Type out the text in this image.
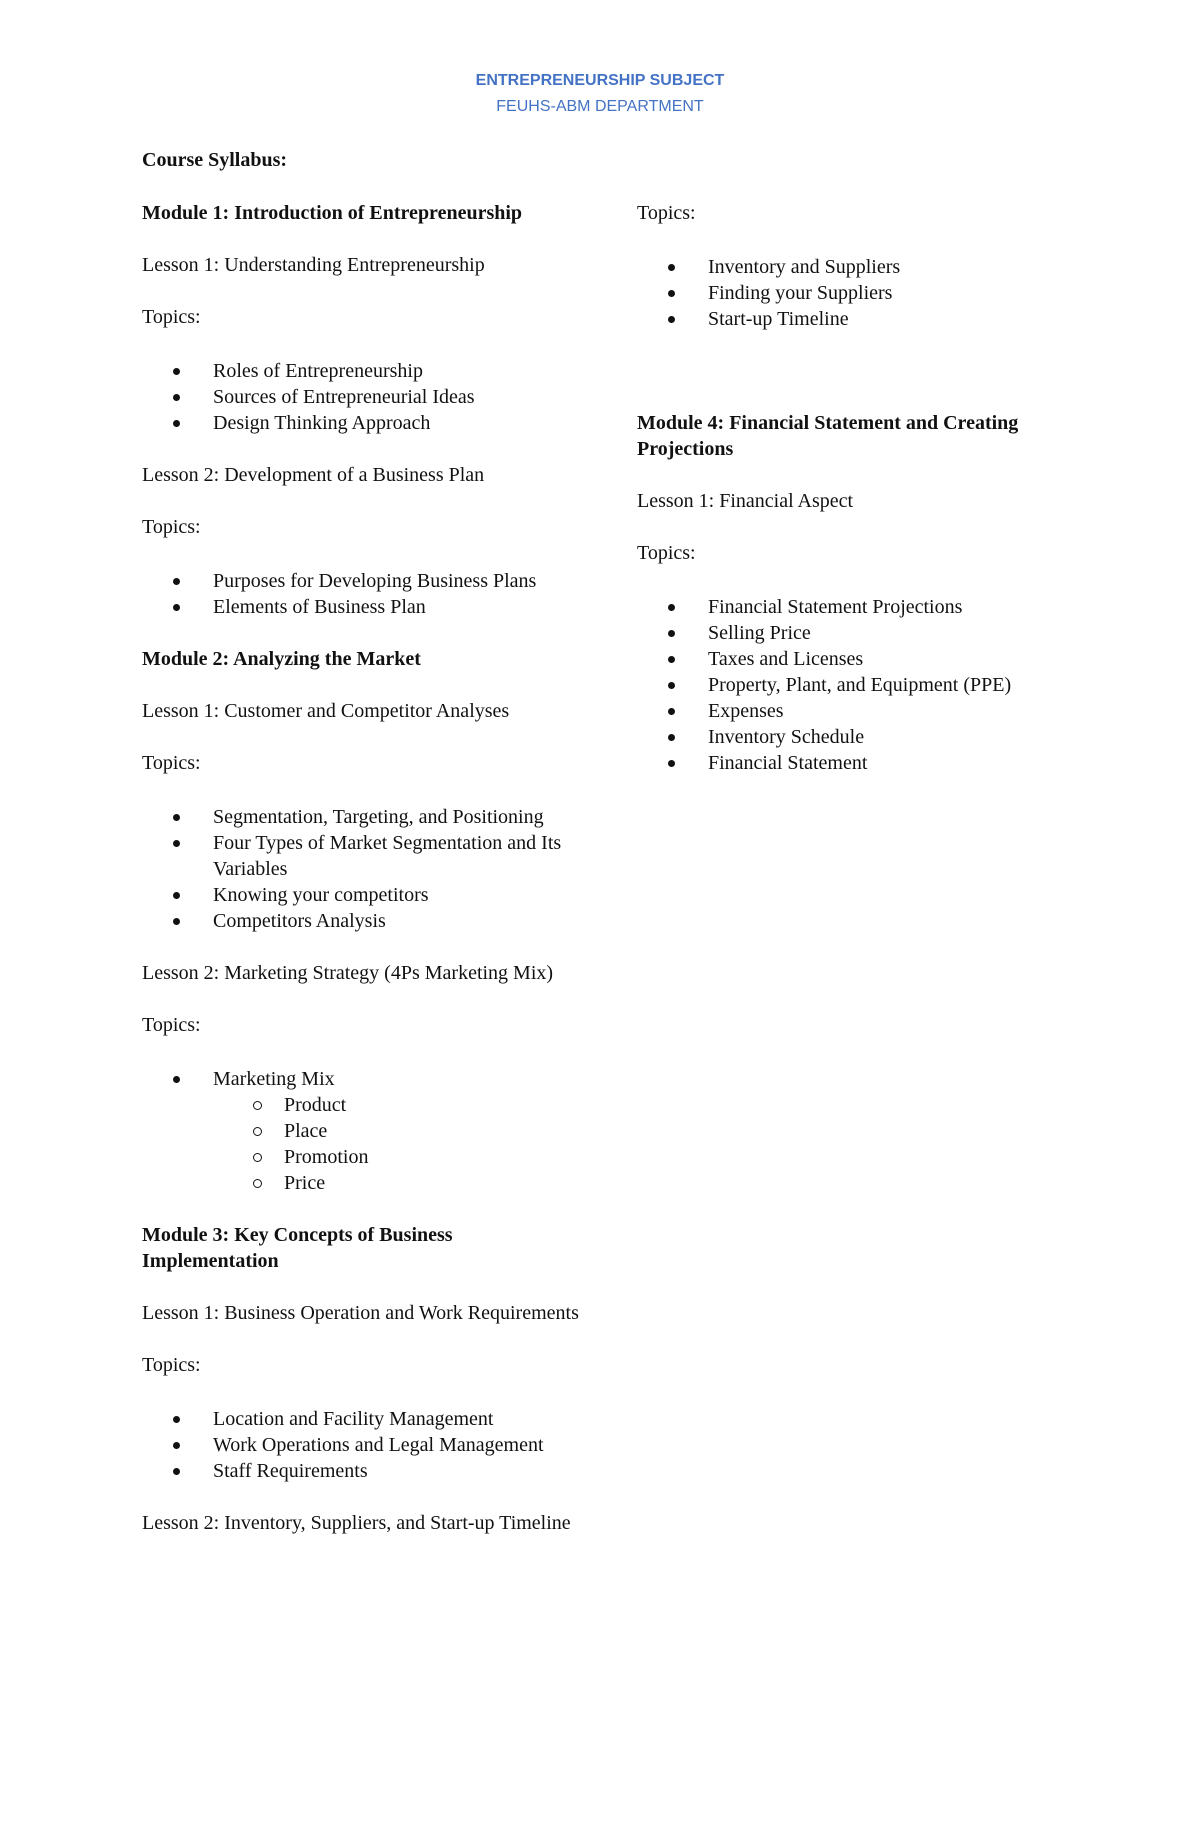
ENTREPRENEURSHIP SUBJECT
FEUHS-ABM DEPARTMENT
Course Syllabus:
Module 1: Introduction of Entrepreneurship
Lesson 1: Understanding Entrepreneurship
Topics:
Roles of Entrepreneurship
Sources of Entrepreneurial Ideas
Design Thinking Approach
Lesson 2: Development of a Business Plan
Topics:
Purposes for Developing Business Plans
Elements of Business Plan
Module 2: Analyzing the Market
Lesson 1: Customer and Competitor Analyses
Topics:
Segmentation, Targeting, and Positioning
Four Types of Market Segmentation and Its Variables
Knowing your competitors
Competitors Analysis
Lesson 2: Marketing Strategy (4Ps Marketing Mix)
Topics:
Marketing Mix
Product
Place
Promotion
Price
Module 3: Key Concepts of Business Implementation
Lesson 1: Business Operation and Work Requirements
Topics:
Location and Facility Management
Work Operations and Legal Management
Staff Requirements
Lesson 2: Inventory, Suppliers, and Start-up Timeline
Topics:
Inventory and Suppliers
Finding your Suppliers
Start-up Timeline
Module 4: Financial Statement and Creating Projections
Lesson 1: Financial Aspect
Topics:
Financial Statement Projections
Selling Price
Taxes and Licenses
Property, Plant, and Equipment (PPE)
Expenses
Inventory Schedule
Financial Statement
